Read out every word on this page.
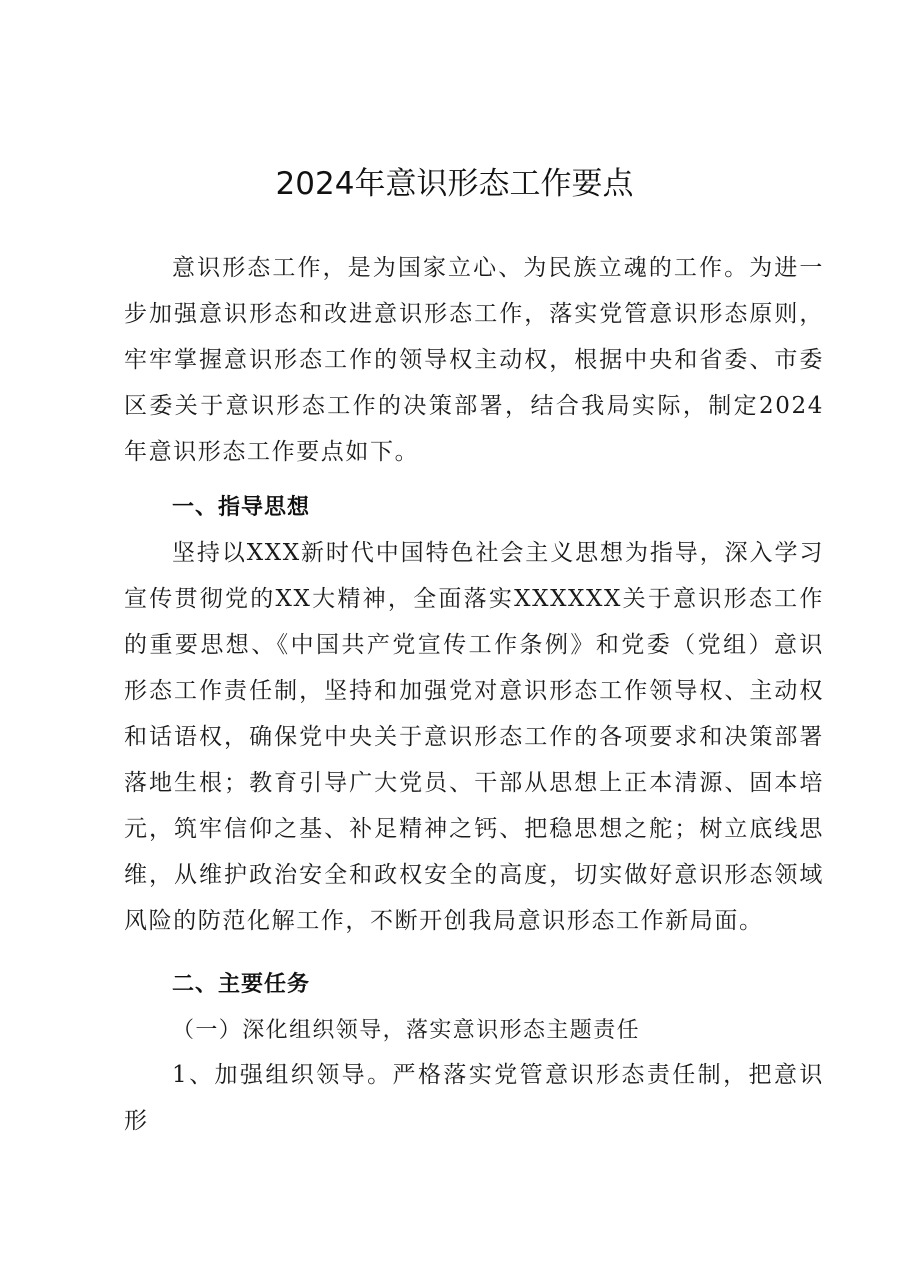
2024年意识形态工作要点

意识形态工作，是为国家立心、为民族立魂的工作。为进一步加强意识形态和改进意识形态工作，落实党管意识形态原则，牢牢掌握意识形态工作的领导权主动权，根据中央和省委、市委区委关于意识形态工作的决策部署，结合我局实际，制定2024年意识形态工作要点如下。

一、指导思想

坚持以XXX新时代中国特色社会主义思想为指导，深入学习宣传贯彻党的XX大精神，全面落实XXXXXX关于意识形态工作的重要思想、《中国共产党宣传工作条例》和党委（党组）意识形态工作责任制，坚持和加强党对意识形态工作领导权、主动权和话语权，确保党中央关于意识形态工作的各项要求和决策部署落地生根；教育引导广大党员、干部从思想上正本清源、固本培元，筑牢信仰之基、补足精神之钙、把稳思想之舵；树立底线思维，从维护政治安全和政权安全的高度，切实做好意识形态领域风险的防范化解工作，不断开创我局意识形态工作新局面。

二、主要任务

（一）深化组织领导，落实意识形态主题责任

1、加强组织领导。严格落实党管意识形态责任制，把意识形
